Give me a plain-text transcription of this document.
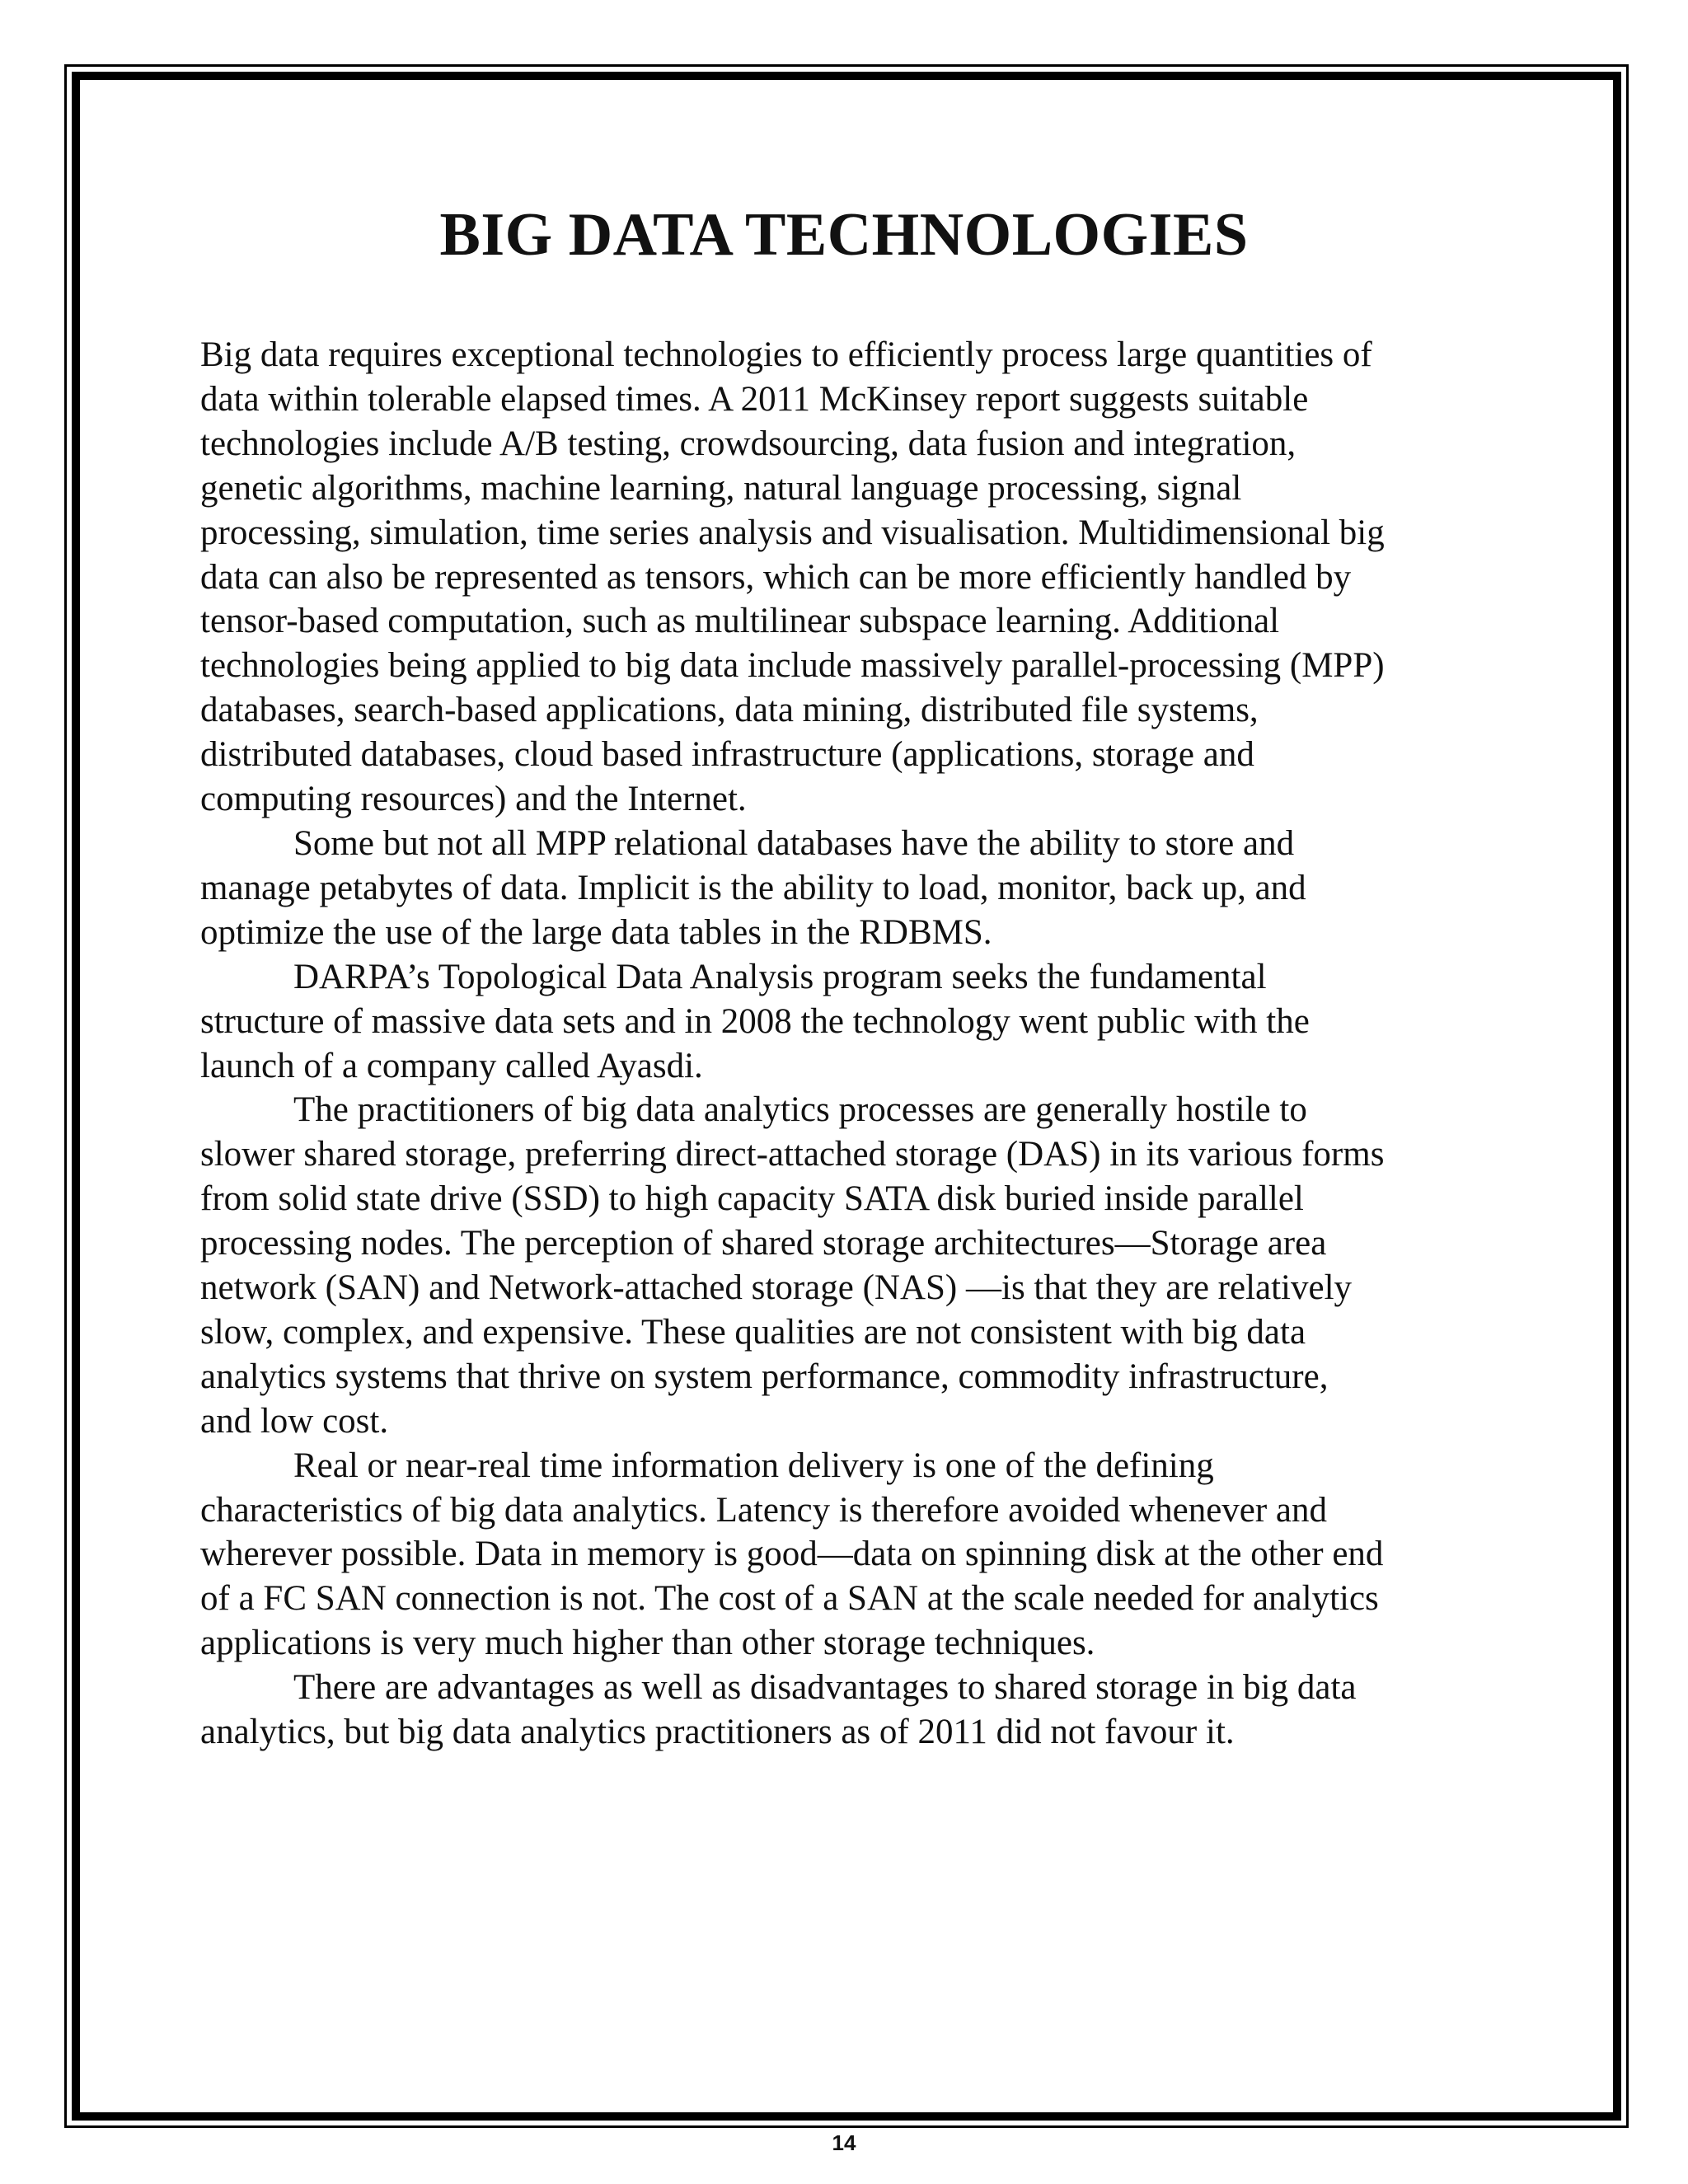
BIG DATA TECHNOLOGIES
Big data requires exceptional technologies to efficiently process large quantities of
data within tolerable elapsed times. A 2011 McKinsey report suggests suitable
technologies include A/B testing, crowdsourcing, data fusion and integration,
genetic algorithms, machine learning, natural language processing, signal
processing, simulation, time series analysis and visualisation. Multidimensional big
data can also be represented as tensors, which can be more efficiently handled by
tensor-based computation, such as multilinear subspace learning. Additional
technologies being applied to big data include massively parallel-processing (MPP)
databases, search-based applications, data mining, distributed file systems,
distributed databases, cloud based infrastructure (applications, storage and
computing resources) and the Internet.
Some but not all MPP relational databases have the ability to store and
manage petabytes of data. Implicit is the ability to load, monitor, back up, and
optimize the use of the large data tables in the RDBMS.
DARPA’s Topological Data Analysis program seeks the fundamental
structure of massive data sets and in 2008 the technology went public with the
launch of a company called Ayasdi.
The practitioners of big data analytics processes are generally hostile to
slower shared storage, preferring direct-attached storage (DAS) in its various forms
from solid state drive (SSD) to high capacity SATA disk buried inside parallel
processing nodes. The perception of shared storage architectures—Storage area
network (SAN) and Network-attached storage (NAS) —is that they are relatively
slow, complex, and expensive. These qualities are not consistent with big data
analytics systems that thrive on system performance, commodity infrastructure,
and low cost.
Real or near-real time information delivery is one of the defining
characteristics of big data analytics. Latency is therefore avoided whenever and
wherever possible. Data in memory is good—data on spinning disk at the other end
of a FC SAN connection is not. The cost of a SAN at the scale needed for analytics
applications is very much higher than other storage techniques.
There are advantages as well as disadvantages to shared storage in big data
analytics, but big data analytics practitioners as of 2011 did not favour it.
14
